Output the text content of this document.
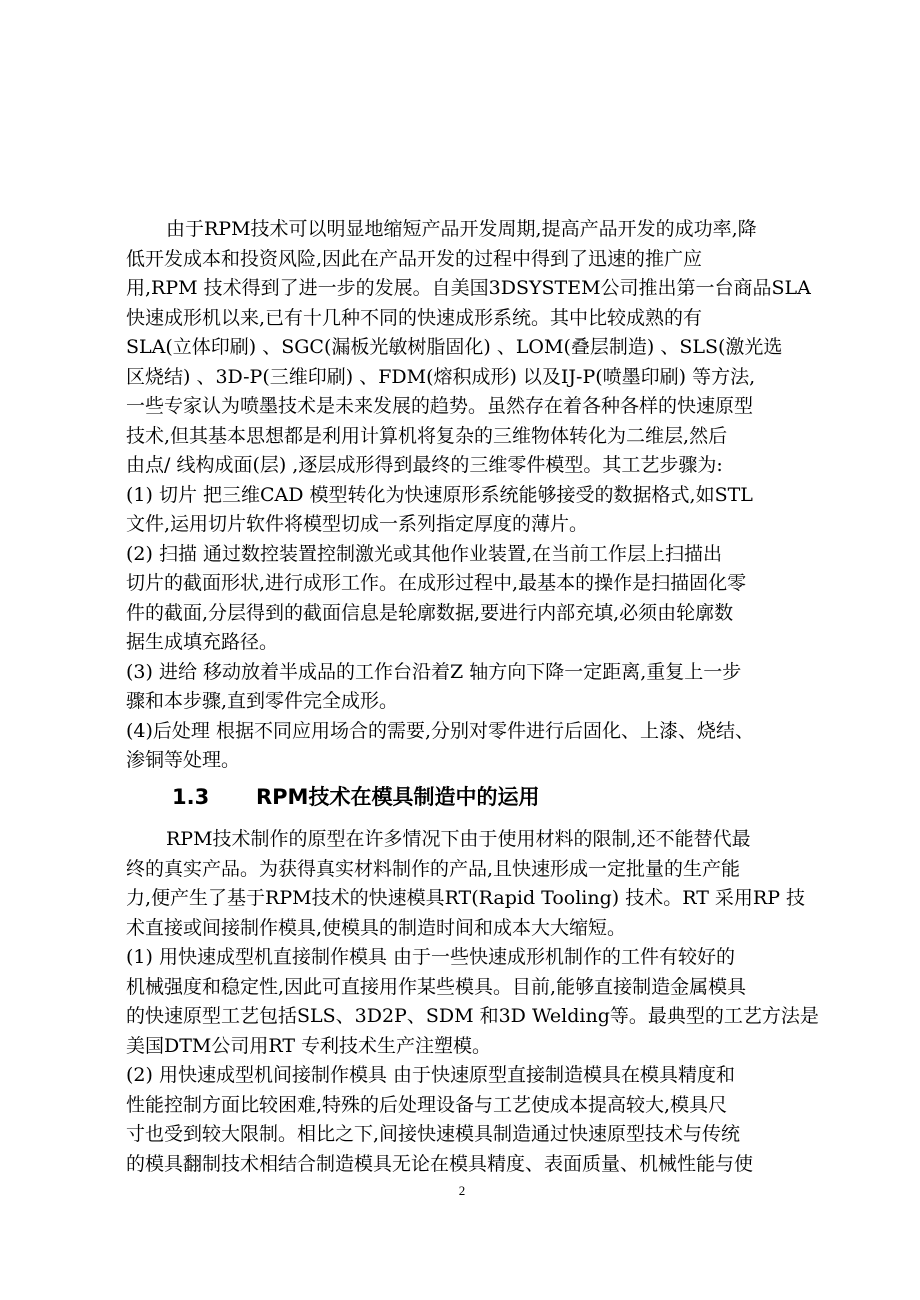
由于RPM技术可以明显地缩短产品开发周期,提高产品开发的成功率,降
低开发成本和投资风险,因此在产品开发的过程中得到了迅速的推广应
用,RPM 技术得到了进一步的发展。自美国3DSYSTEM公司推出第一台商品SLA
快速成形机以来,已有十几种不同的快速成形系统。其中比较成熟的有
SLA(立体印刷) 、SGC(漏板光敏树脂固化) 、LOM(叠层制造) 、SLS(激光选
区烧结) 、3D-P(三维印刷) 、FDM(熔积成形) 以及IJ-P(喷墨印刷) 等方法,
一些专家认为喷墨技术是未来发展的趋势。虽然存在着各种各样的快速原型
技术,但其基本思想都是利用计算机将复杂的三维物体转化为二维层,然后
由点/ 线构成面(层) ,逐层成形得到最终的三维零件模型。其工艺步骤为:
(1) 切片 把三维CAD 模型转化为快速原形系统能够接受的数据格式,如STL
文件,运用切片软件将模型切成一系列指定厚度的薄片。
(2) 扫描 通过数控装置控制激光或其他作业装置,在当前工作层上扫描出
切片的截面形状,进行成形工作。在成形过程中,最基本的操作是扫描固化零
件的截面,分层得到的截面信息是轮廓数据,要进行内部充填,必须由轮廓数
据生成填充路径。
(3) 进给 移动放着半成品的工作台沿着Z 轴方向下降一定距离,重复上一步
骤和本步骤,直到零件完全成形。
(4)后处理 根据不同应用场合的需要,分别对零件进行后固化、上漆、烧结、
渗铜等处理。
1.3 RPM技术在模具制造中的运用
RPM技术制作的原型在许多情况下由于使用材料的限制,还不能替代最
终的真实产品。为获得真实材料制作的产品,且快速形成一定批量的生产能
力,便产生了基于RPM技术的快速模具RT(Rapid Tooling) 技术。RT 采用RP 技
术直接或间接制作模具,使模具的制造时间和成本大大缩短。
(1) 用快速成型机直接制作模具 由于一些快速成形机制作的工件有较好的
机械强度和稳定性,因此可直接用作某些模具。目前,能够直接制造金属模具
的快速原型工艺包括SLS、3D2P、SDM 和3D Welding等。最典型的工艺方法是
美国DTM公司用RT 专利技术生产注塑模。
(2) 用快速成型机间接制作模具 由于快速原型直接制造模具在模具精度和
性能控制方面比较困难,特殊的后处理设备与工艺使成本提高较大,模具尺
寸也受到较大限制。相比之下,间接快速模具制造通过快速原型技术与传统
的模具翻制技术相结合制造模具无论在模具精度、表面质量、机械性能与使
2
